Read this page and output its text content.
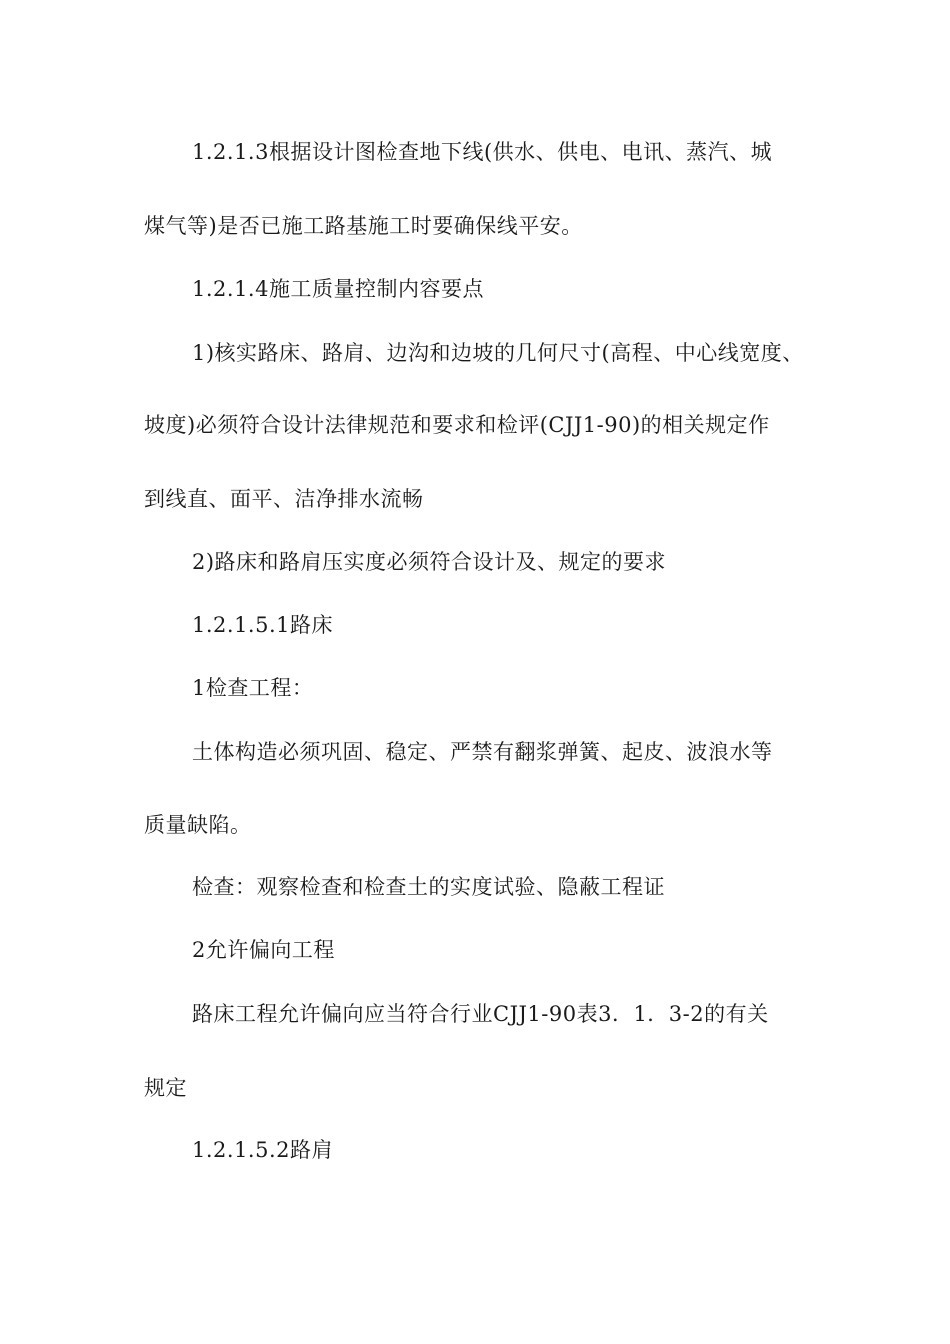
1.2.1.3根据设计图检查地下线(供水、供电、电讯、蒸汽、城
煤气等)是否已施工路基施工时要确保线平安。
1.2.1.4施工质量控制内容要点
1)核实路床、路肩、边沟和边坡的几何尺寸(高程、中心线宽度、
坡度)必须符合设计法律规范和要求和检评(CJJ1-90)的相关规定作
到线直、面平、洁净排水流畅
2)路床和路肩压实度必须符合设计及、规定的要求
1.2.1.5.1路床
1检查工程：
土体构造必须巩固、稳定、严禁有翻浆弹簧、起皮、波浪水等
质量缺陷。
检查：观察检查和检查土的实度试验、隐蔽工程证
2允许偏向工程
路床工程允许偏向应当符合行业CJJ1-90表3．1．3-2的有关
规定
1.2.1.5.2路肩
